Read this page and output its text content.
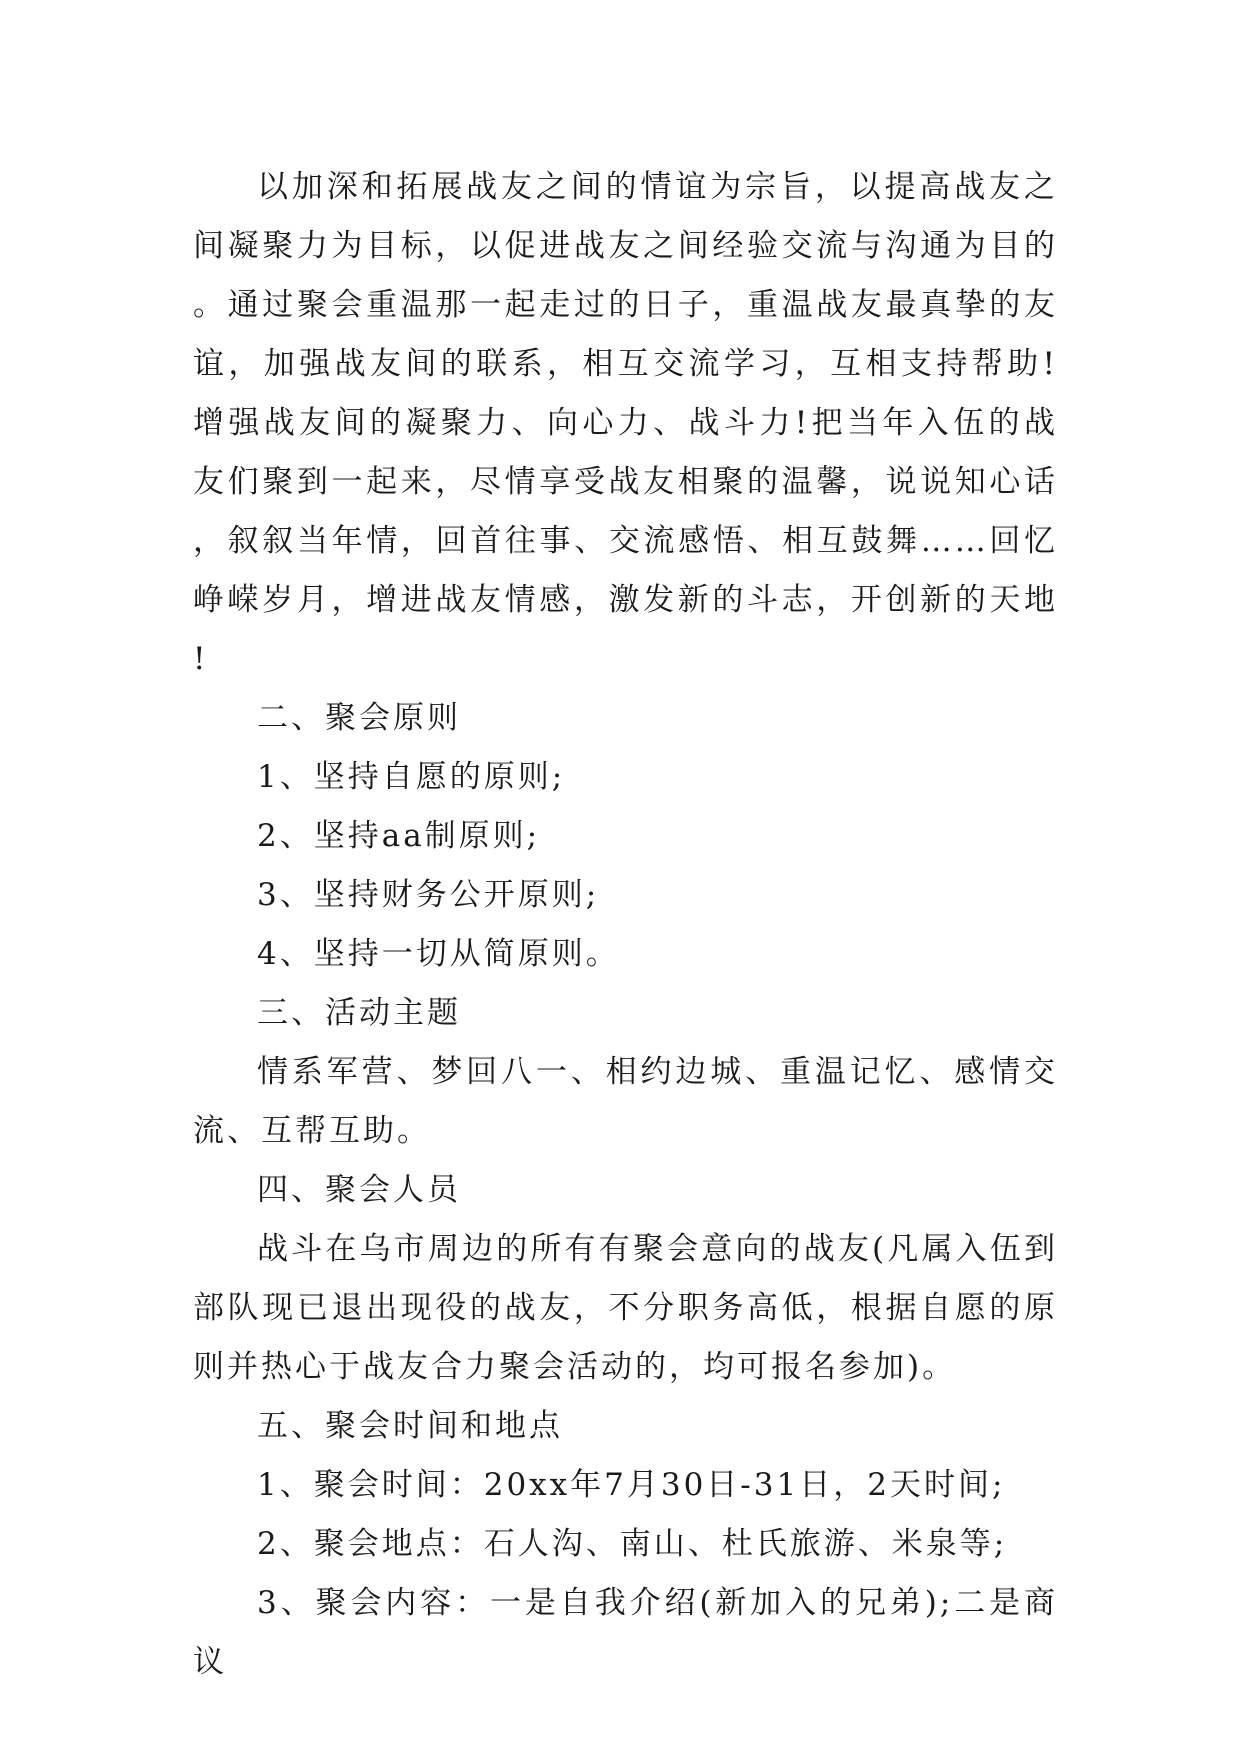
以加深和拓展战友之间的情谊为宗旨，以提高战友之间凝聚力为目标，以促进战友之间经验交流与沟通为目的。通过聚会重温那一起走过的日子，重温战友最真挚的友谊，加强战友间的联系，相互交流学习，互相支持帮助!增强战友间的凝聚力、向心力、战斗力!把当年入伍的战友们聚到一起来，尽情享受战友相聚的温馨，说说知心话，叙叙当年情，回首往事、交流感悟、相互鼓舞……回忆峥嵘岁月，增进战友情感，激发新的斗志，开创新的天地!

二、聚会原则

1、坚持自愿的原则;

2、坚持aa制原则;

3、坚持财务公开原则;

4、坚持一切从简原则。

三、活动主题

情系军营、梦回八一、相约边城、重温记忆、感情交流、互帮互助。

四、聚会人员

战斗在乌市周边的所有有聚会意向的战友(凡属入伍到部队现已退出现役的战友，不分职务高低，根据自愿的原则并热心于战友合力聚会活动的，均可报名参加)。

五、聚会时间和地点

1、聚会时间：20xx年7月30日-31日，2天时间;

2、聚会地点：石人沟、南山、杜氏旅游、米泉等;

3、聚会内容：一是自我介绍(新加入的兄弟);二是商议
